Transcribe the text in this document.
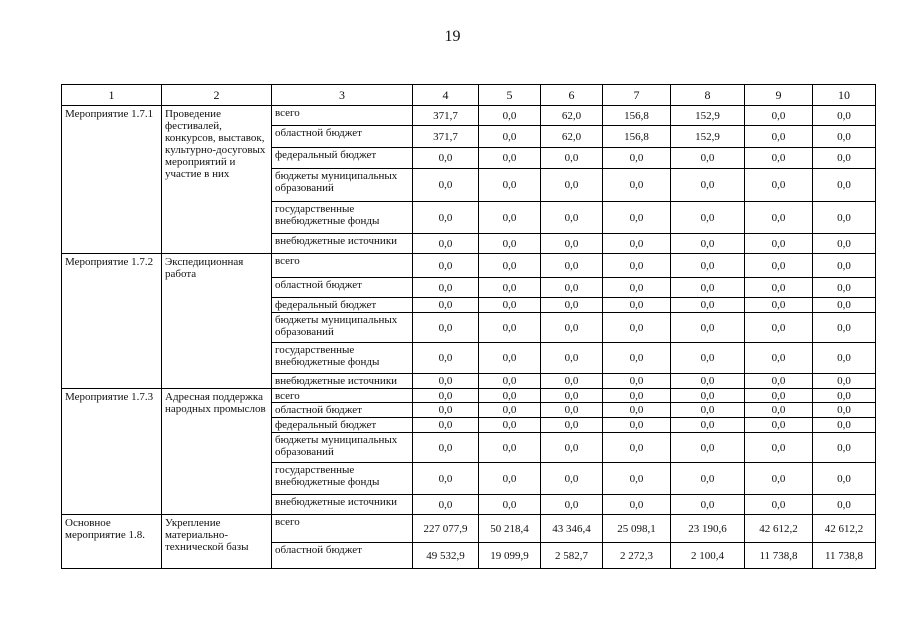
19
1	2	3	4	5	6	7	8	9	10
Мероприятие 1.7.1	Проведение фестивалей, конкурсов, выставок, культурно-досуговых мероприятий и участие в них	всего	371,7	0,0	62,0	156,8	152,9	0,0	0,0
		областной бюджет	371,7	0,0	62,0	156,8	152,9	0,0	0,0
		федеральный бюджет	0,0	0,0	0,0	0,0	0,0	0,0	0,0
		бюджеты муниципальных образований	0,0	0,0	0,0	0,0	0,0	0,0	0,0
		государственные внебюджетные фонды	0,0	0,0	0,0	0,0	0,0	0,0	0,0
		внебюджетные источники	0,0	0,0	0,0	0,0	0,0	0,0	0,0
Мероприятие 1.7.2	Экспедиционная работа	всего	0,0	0,0	0,0	0,0	0,0	0,0	0,0
		областной бюджет	0,0	0,0	0,0	0,0	0,0	0,0	0,0
		федеральный бюджет	0,0	0,0	0,0	0,0	0,0	0,0	0,0
		бюджеты муниципальных образований	0,0	0,0	0,0	0,0	0,0	0,0	0,0
		государственные внебюджетные фонды	0,0	0,0	0,0	0,0	0,0	0,0	0,0
		внебюджетные источники	0,0	0,0	0,0	0,0	0,0	0,0	0,0
Мероприятие 1.7.3	Адресная поддержка народных промыслов	всего	0,0	0,0	0,0	0,0	0,0	0,0	0,0
		областной бюджет	0,0	0,0	0,0	0,0	0,0	0,0	0,0
		федеральный бюджет	0,0	0,0	0,0	0,0	0,0	0,0	0,0
		бюджеты муниципальных образований	0,0	0,0	0,0	0,0	0,0	0,0	0,0
		государственные внебюджетные фонды	0,0	0,0	0,0	0,0	0,0	0,0	0,0
		внебюджетные источники	0,0	0,0	0,0	0,0	0,0	0,0	0,0
Основное мероприятие 1.8.	Укрепление материально-технической базы	всего	227 077,9	50 218,4	43 346,4	25 098,1	23 190,6	42 612,2	42 612,2
		областной бюджет	49 532,9	19 099,9	2 582,7	2 272,3	2 100,4	11 738,8	11 738,8
